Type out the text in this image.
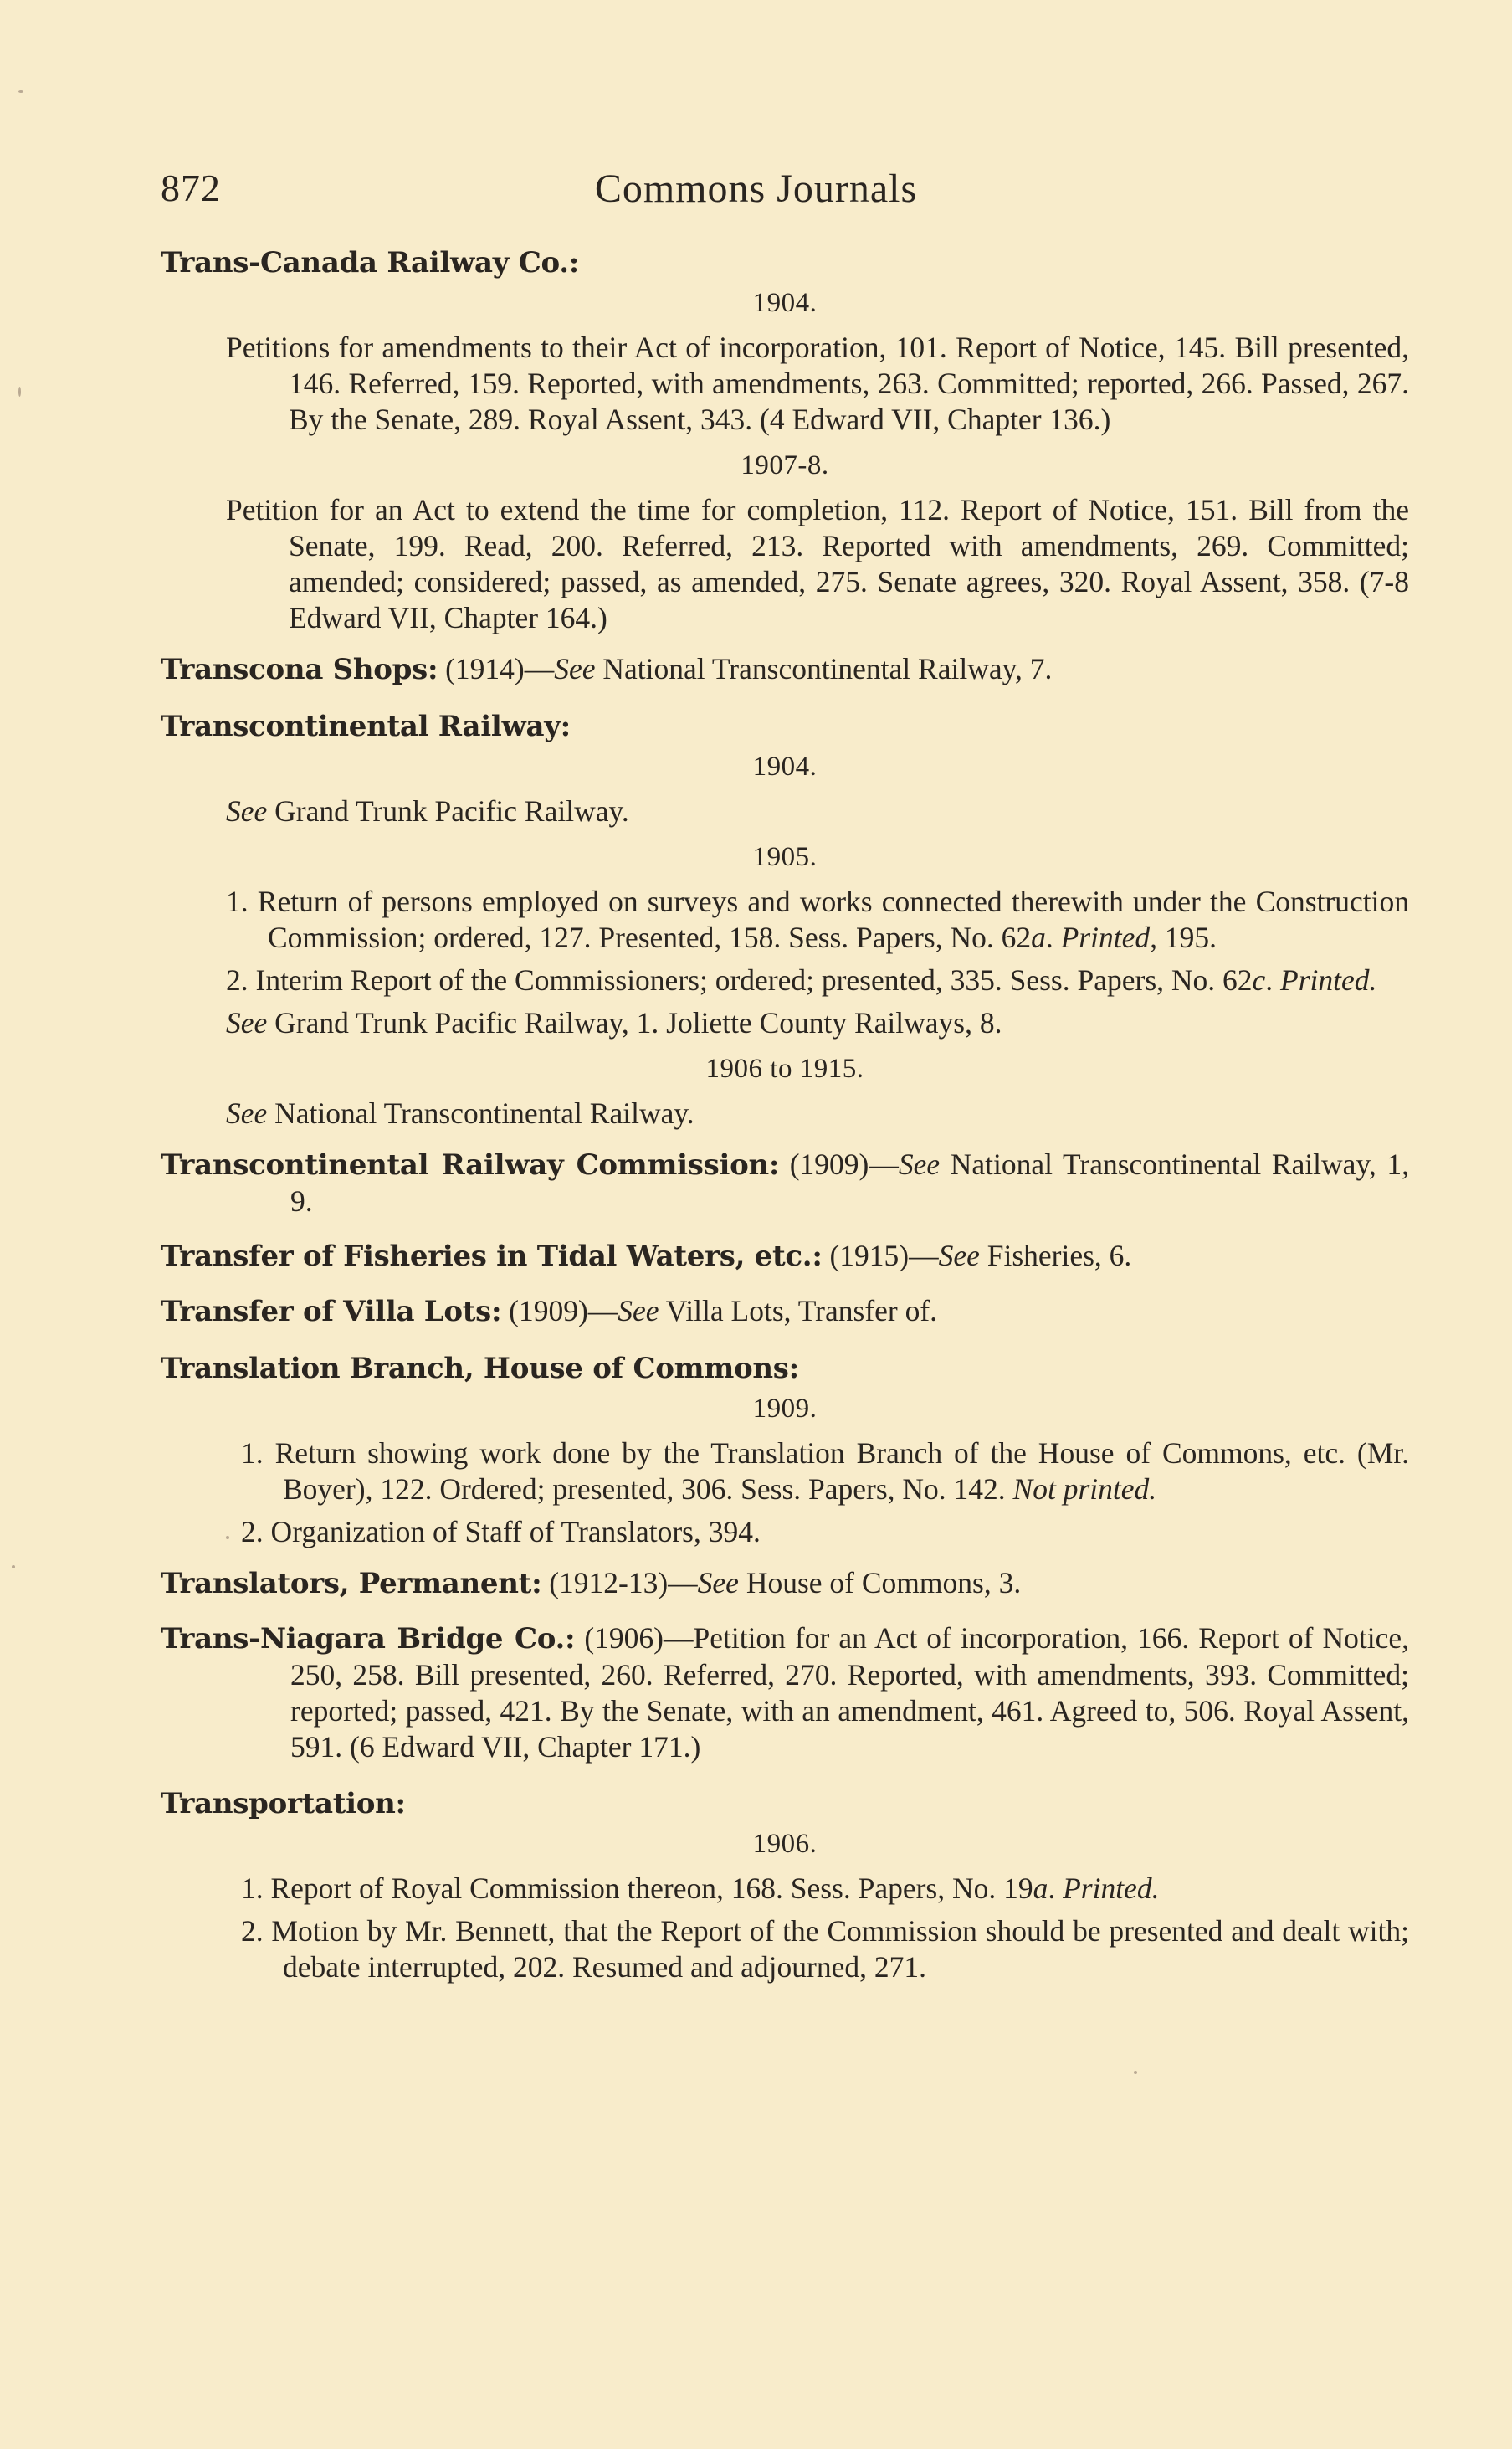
872	Commons Journals
Trans-Canada Railway Co.:
1904.
Petitions for amendments to their Act of incorporation, 101. Report of Notice, 145. Bill presented, 146. Referred, 159. Reported, with amendments, 263. Committed; reported, 266. Passed, 267. By the Senate, 289. Royal Assent, 343. (4 Edward VII, Chapter 136.)
1907-8.
Petition for an Act to extend the time for completion, 112. Report of Notice, 151. Bill from the Senate, 199. Read, 200. Referred, 213. Reported with amendments, 269. Committed; amended; considered; passed, as amended, 275. Senate agrees, 320. Royal Assent, 358. (7-8 Edward VII, Chapter 164.)
Transcona Shops: (1914)—See National Transcontinental Railway, 7.
Transcontinental Railway:
1904.
See Grand Trunk Pacific Railway.
1905.
1. Return of persons employed on surveys and works connected therewith under the Construction Commission; ordered, 127. Presented, 158. Sess. Papers, No. 62a. Printed, 195.
2. Interim Report of the Commissioners; ordered; presented, 335. Sess. Papers, No. 62c. Printed.
See Grand Trunk Pacific Railway, 1. Joliette County Railways, 8.
1906 to 1915.
See National Transcontinental Railway.
Transcontinental Railway Commission: (1909)—See National Transcontinental Railway, 1, 9.
Transfer of Fisheries in Tidal Waters, etc.: (1915)—See Fisheries, 6.
Transfer of Villa Lots: (1909)—See Villa Lots, Transfer of.
Translation Branch, House of Commons:
1909.
1. Return showing work done by the Translation Branch of the House of Commons, etc. (Mr. Boyer), 122. Ordered; presented, 306. Sess. Papers, No. 142. Not printed.
2. Organization of Staff of Translators, 394.
Translators, Permanent: (1912-13)—See House of Commons, 3.
Trans-Niagara Bridge Co.: (1906)—Petition for an Act of incorporation, 166. Report of Notice, 250, 258. Bill presented, 260. Referred, 270. Reported, with amendments, 393. Committed; reported; passed, 421. By the Senate, with an amendment, 461. Agreed to, 506. Royal Assent, 591. (6 Edward VII, Chapter 171.)
Transportation:
1906.
1. Report of Royal Commission thereon, 168. Sess. Papers, No. 19a. Printed.
2. Motion by Mr. Bennett, that the Report of the Commission should be presented and dealt with; debate interrupted, 202. Resumed and adjourned, 271.
